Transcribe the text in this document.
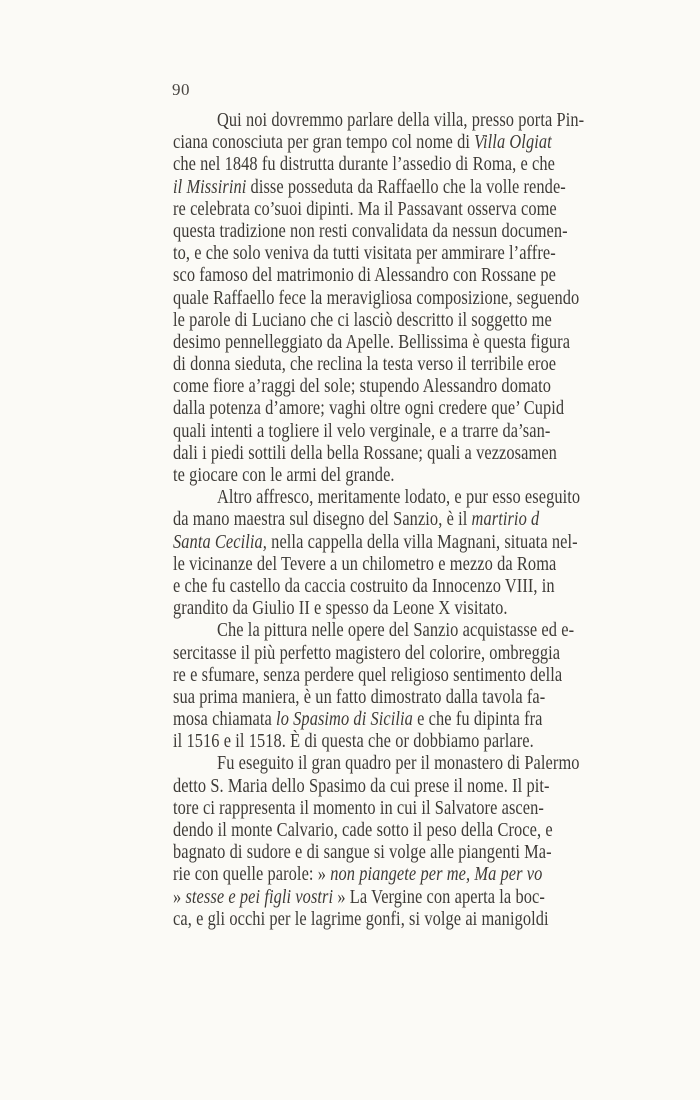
90
Qui noi dovremmo parlare della villa, presso porta Pin-
ciana conosciuta per gran tempo col nome di Villa Olgiat
che nel 1848 fu distrutta durante l’assedio di Roma, e che
il Missirini disse posseduta da Raffaello che la volle rende-
re celebrata co’suoi dipinti. Ma il Passavant osserva come
questa tradizione non resti convalidata da nessun documen-
to, e che solo veniva da tutti visitata per ammirare l’affre-
sco famoso del matrimonio di Alessandro con Rossane pe
quale Raffaello fece la meravigliosa composizione, seguendo
le parole di Luciano che ci lasciò descritto il soggetto me
desimo pennelleggiato da Apelle. Bellissima è questa figura
di donna sieduta, che reclina la testa verso il terribile eroe
come fiore a’raggi del sole; stupendo Alessandro domato
dalla potenza d’amore; vaghi oltre ogni credere que’ Cupid
quali intenti a togliere il velo verginale, e a trarre da’san-
dali i piedi sottili della bella Rossane; quali a vezzosamen
te giocare con le armi del grande.
Altro affresco, meritamente lodato, e pur esso eseguito
da mano maestra sul disegno del Sanzio, è il martirio d
Santa Cecilia, nella cappella della villa Magnani, situata nel-
le vicinanze del Tevere a un chilometro e mezzo da Roma
e che fu castello da caccia costruito da Innocenzo VIII, in
grandito da Giulio II e spesso da Leone X visitato.
Che la pittura nelle opere del Sanzio acquistasse ed e-
sercitasse il più perfetto magistero del colorire, ombreggia
re e sfumare, senza perdere quel religioso sentimento della
sua prima maniera, è un fatto dimostrato dalla tavola fa-
mosa chiamata lo Spasimo di Sicilia e che fu dipinta fra
il 1516 e il 1518. È di questa che or dobbiamo parlare.
Fu eseguito il gran quadro per il monastero di Palermo
detto S. Maria dello Spasimo da cui prese il nome. Il pit-
tore ci rappresenta il momento in cui il Salvatore ascen-
dendo il monte Calvario, cade sotto il peso della Croce, e
bagnato di sudore e di sangue si volge alle piangenti Ma-
rie con quelle parole: » non piangete per me, Ma per vo
» stesse e pei figli vostri » La Vergine con aperta la boc-
ca, e gli occhi per le lagrime gonfi, si volge ai manigoldi
